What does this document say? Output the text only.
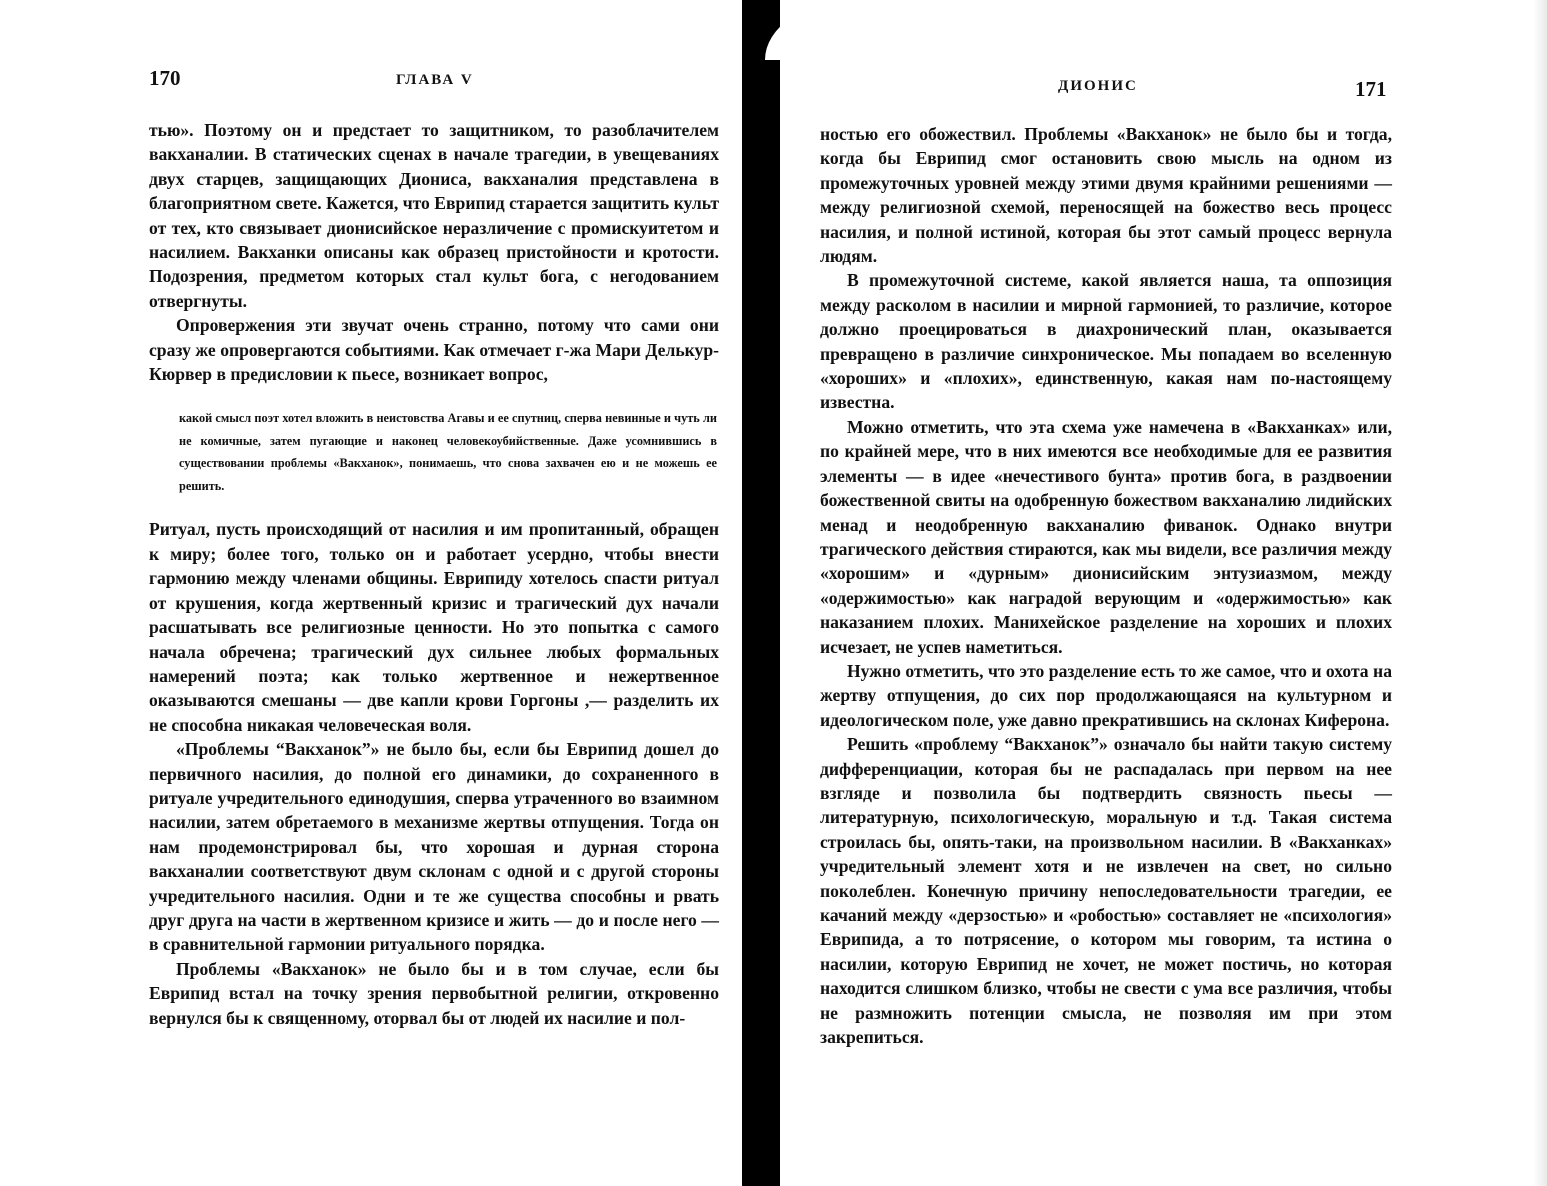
170	ГЛАВА V

тью». Поэтому он и предстает то защитником, то разоблачителем вакханалии. В статических сценах в начале трагедии, в увещеваниях двух старцев, защищающих Диониса, вакханалия представлена в благоприятном свете. Кажется, что Еврипид старается защитить культ от тех, кто связывает дионисийское неразличение с промискуитетом и насилием. Вакханки описаны как образец пристойности и кротости. Подозрения, предметом которых стал культ бога, с негодованием отвергнуты.

Опровержения эти звучат очень странно, потому что сами они сразу же опровергаются событиями. Как отмечает г-жа Мари Делькур-Кюрвер в предисловии к пьесе, возникает вопрос,

какой смысл поэт хотел вложить в неистовства Агавы и ее спутниц, сперва невинные и чуть ли не комичные, затем пугающие и наконец человекоубийственные. Даже усомнившись в существовании проблемы «Вакханок», понимаешь, что снова захвачен ею и не можешь ее решить.

Ритуал, пусть происходящий от насилия и им пропитанный, обращен к миру; более того, только он и работает усердно, чтобы внести гармонию между членами общины. Еврипиду хотелось спасти ритуал от крушения, когда жертвенный кризис и трагический дух начали расшатывать все религиозные ценности. Но это попытка с самого начала обречена; трагический дух сильнее любых формальных намерений поэта; как только жертвенное и нежертвенное оказываются смешаны — две капли крови Горгоны ,— разделить их не способна никакая человеческая воля.

«Проблемы “Вакханок”» не было бы, если бы Еврипид дошел до первичного насилия, до полной его динамики, до сохраненного в ритуале учредительного единодушия, сперва утраченного во взаимном насилии, затем обретаемого в механизме жертвы отпущения. Тогда он нам продемонстрировал бы, что хорошая и дурная сторона вакханалии соответствуют двум склонам с одной и с другой стороны учредительного насилия. Одни и те же существа способны и рвать друг друга на части в жертвенном кризисе и жить — до и после него — в сравнительной гармонии ритуального порядка.

Проблемы «Вакханок» не было бы и в том случае, если бы Еврипид встал на точку зрения первобытной религии, откровенно вернулся бы к священному, оторвал бы от людей их насилие и пол-

ДИОНИС	171

ностью его обожествил. Проблемы «Вакханок» не было бы и тогда, когда бы Еврипид смог остановить свою мысль на одном из промежуточных уровней между этими двумя крайними решениями — между религиозной схемой, переносящей на божество весь процесс насилия, и полной истиной, которая бы этот самый процесс вернула людям.

В промежуточной системе, какой является наша, та оппозиция между расколом в насилии и мирной гармонией, то различие, которое должно проецироваться в диахронический план, оказывается превращено в различие синхроническое. Мы попадаем во вселенную «хороших» и «плохих», единственную, какая нам по-настоящему известна.

Можно отметить, что эта схема уже намечена в «Вакханках» или, по крайней мере, что в них имеются все необходимые для ее развития элементы — в идее «нечестивого бунта» против бога, в раздвоении божественной свиты на одобренную божеством вакханалию лидийских менад и неодобренную вакханалию фиванок. Однако внутри трагического действия стираются, как мы видели, все различия между «хорошим» и «дурным» дионисийским энтузиазмом, между «одержимостью» как наградой верующим и «одержимостью» как наказанием плохих. Манихейское разделение на хороших и плохих исчезает, не успев наметиться.

Нужно отметить, что это разделение есть то же самое, что и охота на жертву отпущения, до сих пор продолжающаяся на культурном и идеологическом поле, уже давно прекратившись на склонах Киферона.

Решить «проблему “Вакханок”» означало бы найти такую систему дифференциации, которая бы не распадалась при первом на нее взгляде и позволила бы подтвердить связность пьесы — литературную, психологическую, моральную и т.д. Такая система строилась бы, опять-таки, на произвольном насилии. В «Вакханках» учредительный элемент хотя и не извлечен на свет, но сильно поколеблен. Конечную причину непоследовательности трагедии, ее качаний между «дерзостью» и «робостью» составляет не «психология» Еврипида, а то потрясение, о котором мы говорим, та истина о насилии, которую Еврипид не хочет, не может постичь, но которая находится слишком близко, чтобы не свести с ума все различия, чтобы не размножить потенции смысла, не позволяя им при этом закрепиться.
